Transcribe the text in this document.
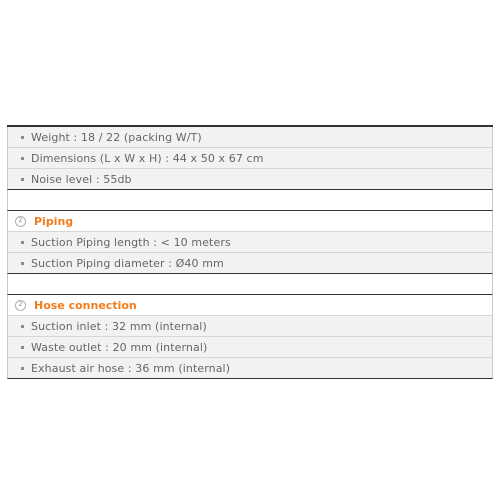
Weight : 18 / 22 (packing W/T)
Dimensions (L x W x H) : 44 x 50 x 67 cm
Noise level : 55db
2	Piping
Suction Piping length : < 10 meters
Suction Piping diameter : Ø40 mm
2	Hose connection
Suction inlet : 32 mm (internal)
Waste outlet : 20 mm (internal)
Exhaust air hose : 36 mm (internal)
